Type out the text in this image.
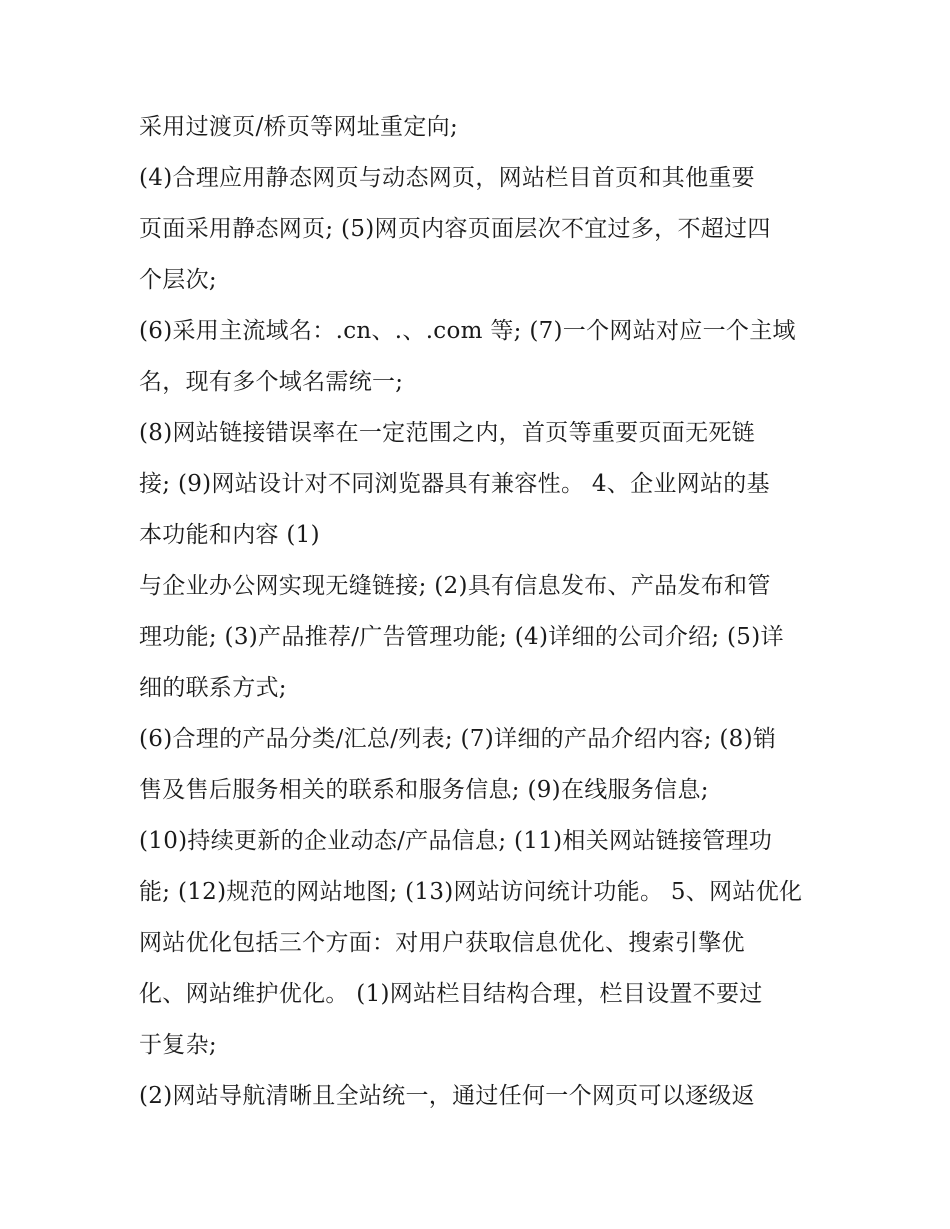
采用过渡页/桥页等网址重定向;
(4)合理应用静态网页与动态网页，网站栏目首页和其他重要
页面采用静态网页; (5)网页内容页面层次不宜过多，不超过四
个层次;
(6)采用主流域名：.cn、.、.com 等; (7)一个网站对应一个主域
名，现有多个域名需统一;
(8)网站链接错误率在一定范围之内，首页等重要页面无死链
接; (9)网站设计对不同浏览器具有兼容性。 4、企业网站的基
本功能和内容 (1)
与企业办公网实现无缝链接; (2)具有信息发布、产品发布和管
理功能; (3)产品推荐/广告管理功能; (4)详细的公司介绍; (5)详
细的联系方式;
(6)合理的产品分类/汇总/列表; (7)详细的产品介绍内容; (8)销
售及售后服务相关的联系和服务信息; (9)在线服务信息;
(10)持续更新的企业动态/产品信息; (11)相关网站链接管理功
能; (12)规范的网站地图; (13)网站访问统计功能。 5、网站优化
网站优化包括三个方面：对用户获取信息优化、搜索引擎优
化、网站维护优化。 (1)网站栏目结构合理，栏目设置不要过
于复杂;
(2)网站导航清晰且全站统一，通过任何一个网页可以逐级返
